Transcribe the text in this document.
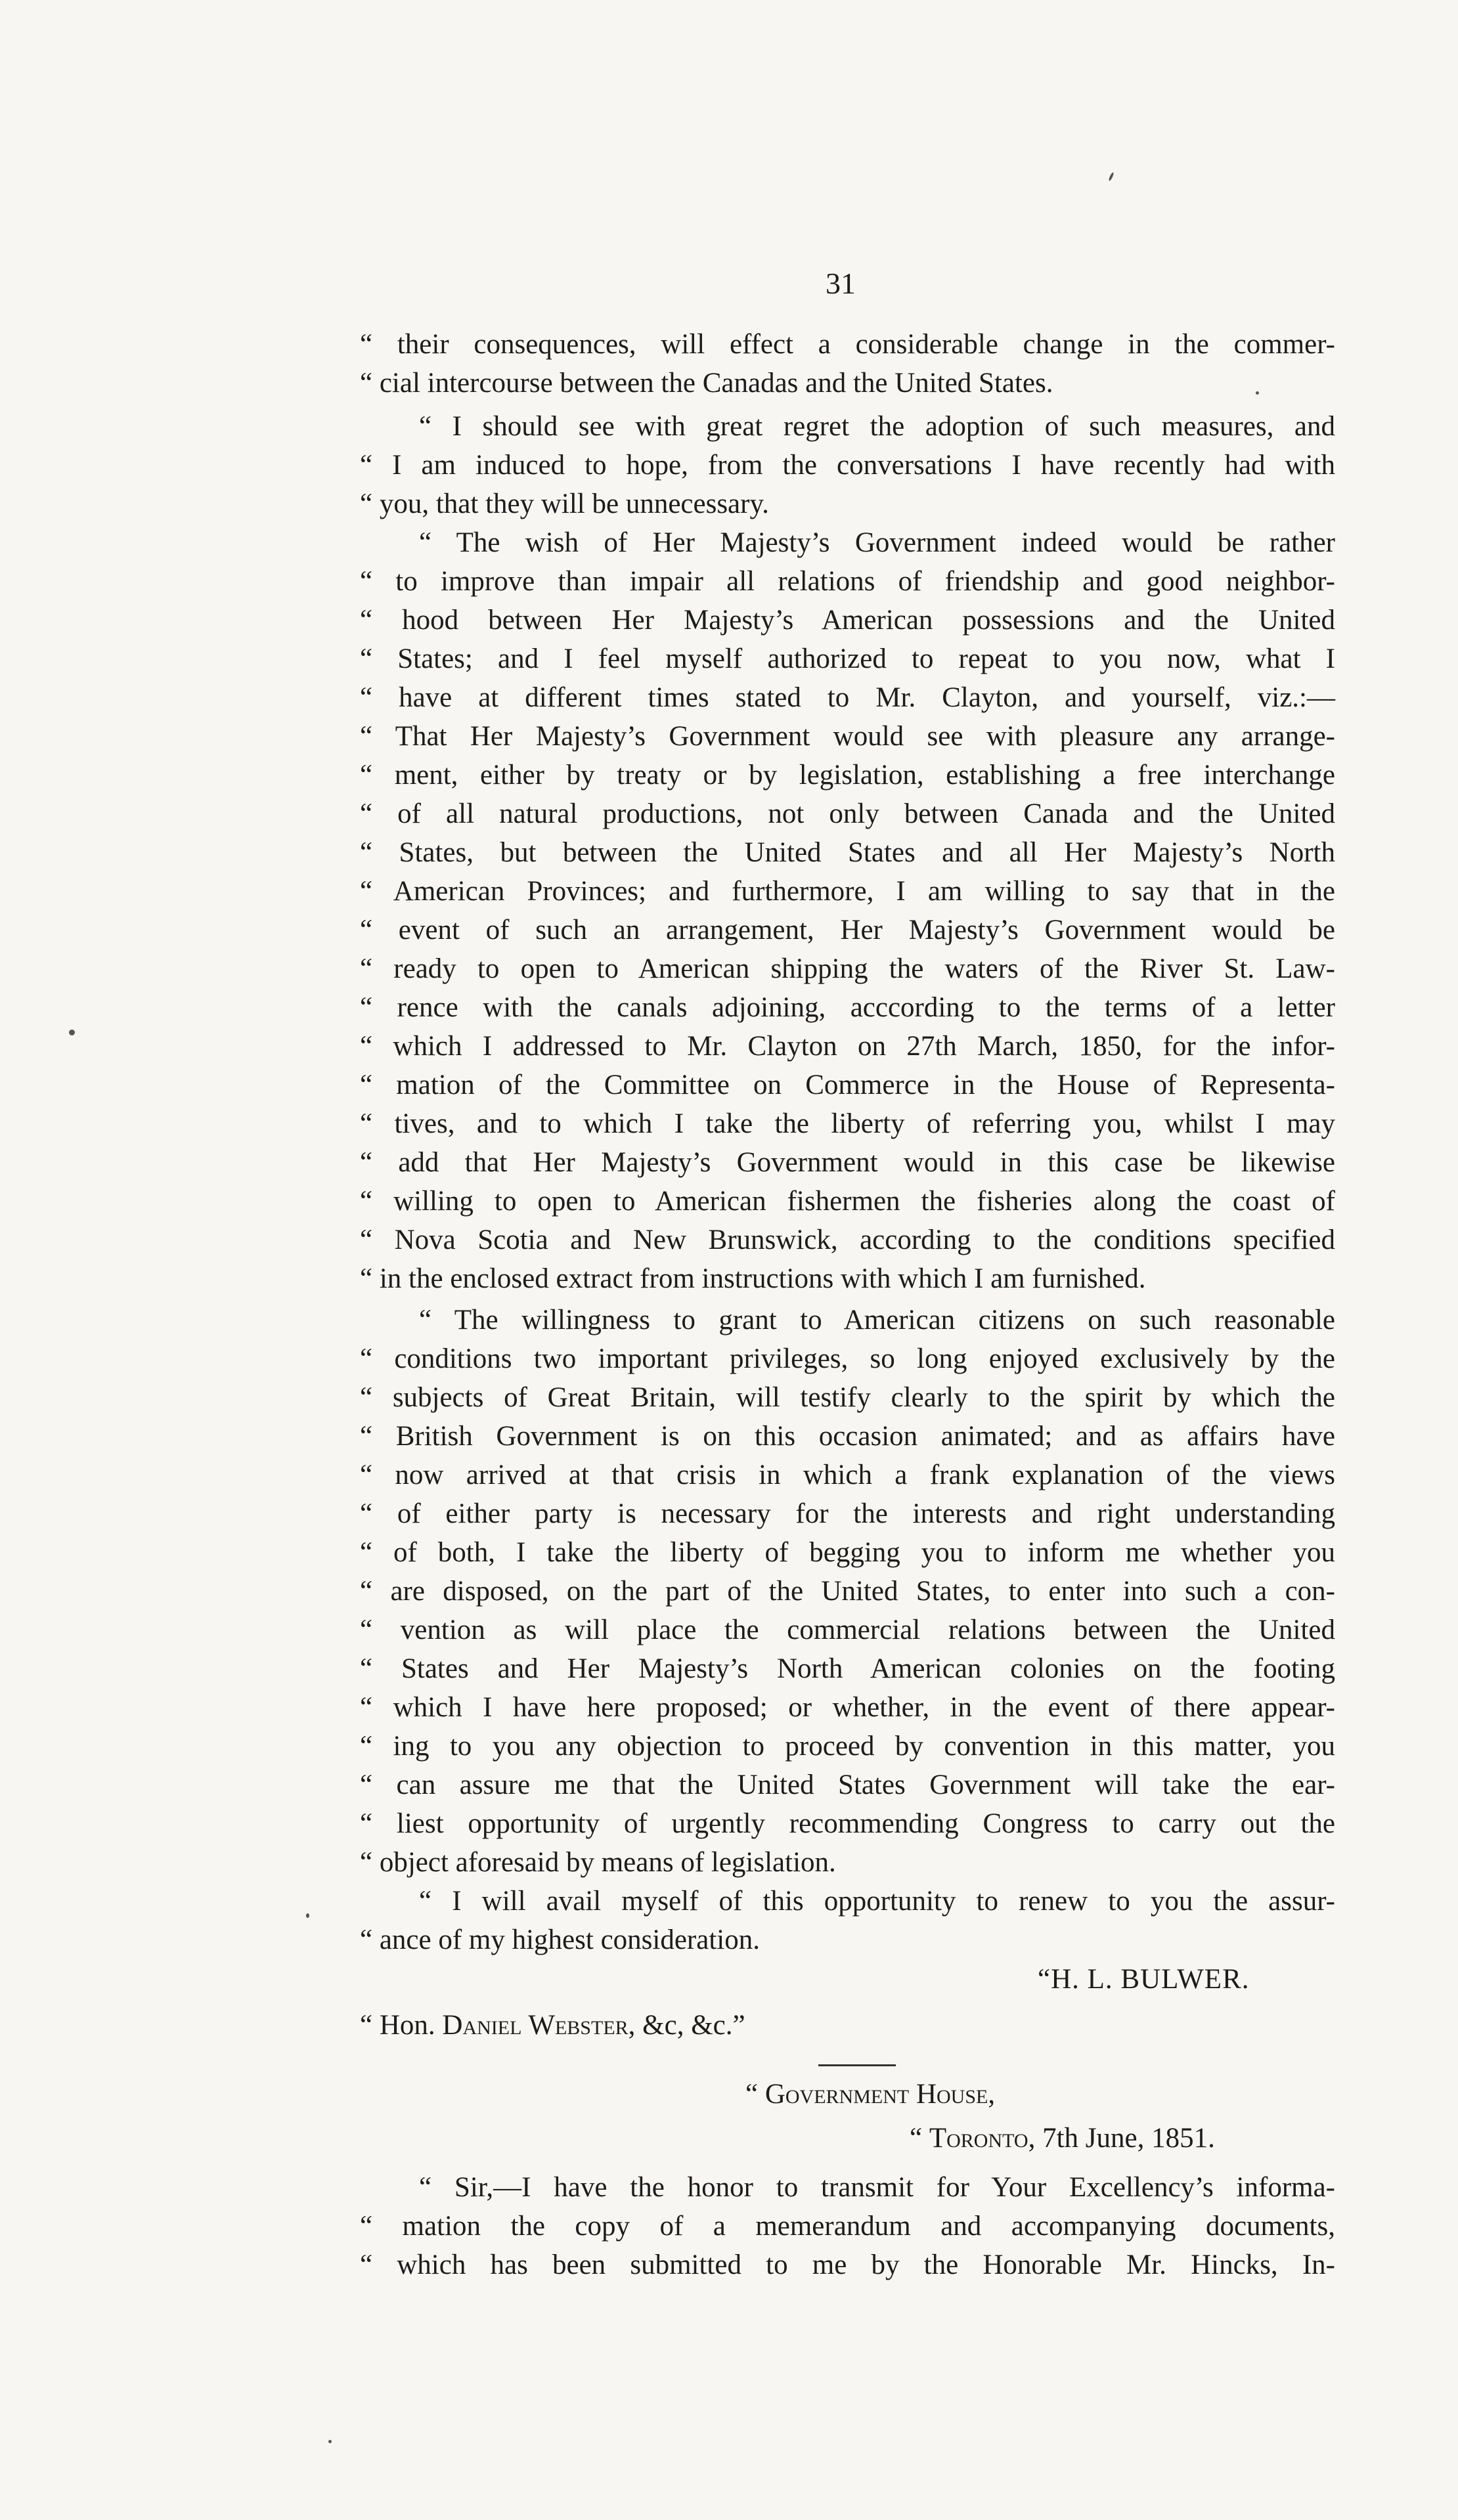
31
“ their consequences, will effect a considerable change in the commer-
“ cial intercourse between the Canadas and the United States.
“ I should see with great regret the adoption of such measures, and
“ I am induced to hope, from the conversations I have recently had with
“ you, that they will be unnecessary.
“ The wish of Her Majesty’s Government indeed would be rather
“ to improve than impair all relations of friendship and good neighbor-
“ hood between Her Majesty’s American possessions and the United
“ States; and I feel myself authorized to repeat to you now, what I
“ have at different times stated to Mr. Clayton, and yourself, viz.:—
“ That Her Majesty’s Government would see with pleasure any arrange-
“ ment, either by treaty or by legislation, establishing a free interchange
“ of all natural productions, not only between Canada and the United
“ States, but between the United States and all Her Majesty’s North
“ American Provinces; and furthermore, I am willing to say that in the
“ event of such an arrangement, Her Majesty’s Government would be
“ ready to open to American shipping the waters of the River St. Law-
“ rence with the canals adjoining, acccording to the terms of a letter
“ which I addressed to Mr. Clayton on 27th March, 1850, for the infor-
“ mation of the Committee on Commerce in the House of Representa-
“ tives, and to which I take the liberty of referring you, whilst I may
“ add that Her Majesty’s Government would in this case be likewise
“ willing to open to American fishermen the fisheries along the coast of
“ Nova Scotia and New Brunswick, according to the conditions specified
“ in the enclosed extract from instructions with which I am furnished.
“ The willingness to grant to American citizens on such reasonable
“ conditions two important privileges, so long enjoyed exclusively by the
“ subjects of Great Britain, will testify clearly to the spirit by which the
“ British Government is on this occasion animated; and as affairs have
“ now arrived at that crisis in which a frank explanation of the views
“ of either party is necessary for the interests and right understanding
“ of both, I take the liberty of begging you to inform me whether you
“ are disposed, on the part of the United States, to enter into such a con-
“ vention as will place the commercial relations between the United
“ States and Her Majesty’s North American colonies on the footing
“ which I have here proposed; or whether, in the event of there appear-
“ ing to you any objection to proceed by convention in this matter, you
“ can assure me that the United States Government will take the ear-
“ liest opportunity of urgently recommending Congress to carry out the
“ object aforesaid by means of legislation.
“ I will avail myself of this opportunity to renew to you the assur-
“ ance of my highest consideration.
“H. L. BULWER.
“ Hon. Daniel Webster, &c, &c.”
“ Government House,
“ Toronto, 7th June, 1851.
“ Sir,—I have the honor to transmit for Your Excellency’s informa-
“ mation the copy of a memerandum and accompanying documents,
“ which has been submitted to me by the Honorable Mr. Hincks, In-
